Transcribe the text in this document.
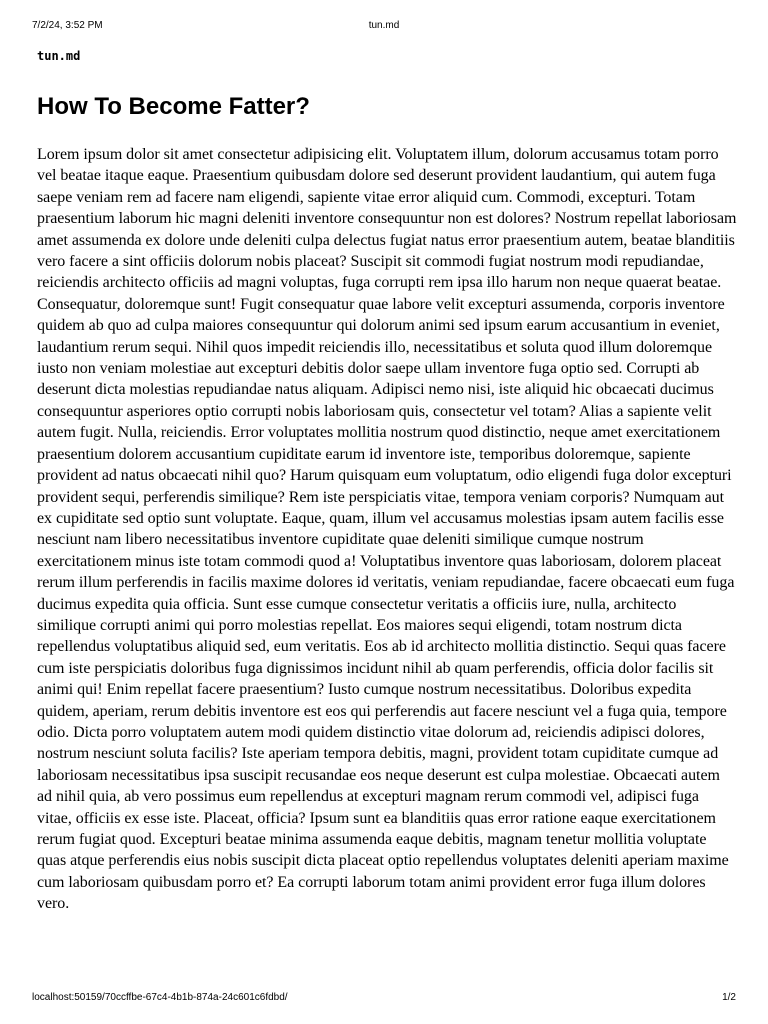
7/2/24, 3:52 PM	tun.md

tun.md

How To Become Fatter?

Lorem ipsum dolor sit amet consectetur adipisicing elit. Voluptatem illum, dolorum accusamus totam porro vel beatae itaque eaque. Praesentium quibusdam dolore sed deserunt provident laudantium, qui autem fuga saepe veniam rem ad facere nam eligendi, sapiente vitae error aliquid cum. Commodi, excepturi. Totam praesentium laborum hic magni deleniti inventore consequuntur non est dolores? Nostrum repellat laboriosam amet assumenda ex dolore unde deleniti culpa delectus fugiat natus error praesentium autem, beatae blanditiis vero facere a sint officiis dolorum nobis placeat? Suscipit sit commodi fugiat nostrum modi repudiandae, reiciendis architecto officiis ad magni voluptas, fuga corrupti rem ipsa illo harum non neque quaerat beatae. Consequatur, doloremque sunt! Fugit consequatur quae labore velit excepturi assumenda, corporis inventore quidem ab quo ad culpa maiores consequuntur qui dolorum animi sed ipsum earum accusantium in eveniet, laudantium rerum sequi. Nihil quos impedit reiciendis illo, necessitatibus et soluta quod illum doloremque iusto non veniam molestiae aut excepturi debitis dolor saepe ullam inventore fuga optio sed. Corrupti ab deserunt dicta molestias repudiandae natus aliquam. Adipisci nemo nisi, iste aliquid hic obcaecati ducimus consequuntur asperiores optio corrupti nobis laboriosam quis, consectetur vel totam? Alias a sapiente velit autem fugit. Nulla, reiciendis. Error voluptates mollitia nostrum quod distinctio, neque amet exercitationem praesentium dolorem accusantium cupiditate earum id inventore iste, temporibus doloremque, sapiente provident ad natus obcaecati nihil quo? Harum quisquam eum voluptatum, odio eligendi fuga dolor excepturi provident sequi, perferendis similique? Rem iste perspiciatis vitae, tempora veniam corporis? Numquam aut ex cupiditate sed optio sunt voluptate. Eaque, quam, illum vel accusamus molestias ipsam autem facilis esse nesciunt nam libero necessitatibus inventore cupiditate quae deleniti similique cumque nostrum exercitationem minus iste totam commodi quod a! Voluptatibus inventore quas laboriosam, dolorem placeat rerum illum perferendis in facilis maxime dolores id veritatis, veniam repudiandae, facere obcaecati eum fuga ducimus expedita quia officia. Sunt esse cumque consectetur veritatis a officiis iure, nulla, architecto similique corrupti animi qui porro molestias repellat. Eos maiores sequi eligendi, totam nostrum dicta repellendus voluptatibus aliquid sed, eum veritatis. Eos ab id architecto mollitia distinctio. Sequi quas facere cum iste perspiciatis doloribus fuga dignissimos incidunt nihil ab quam perferendis, officia dolor facilis sit animi qui! Enim repellat facere praesentium? Iusto cumque nostrum necessitatibus. Doloribus expedita quidem, aperiam, rerum debitis inventore est eos qui perferendis aut facere nesciunt vel a fuga quia, tempore odio. Dicta porro voluptatem autem modi quidem distinctio vitae dolorum ad, reiciendis adipisci dolores, nostrum nesciunt soluta facilis? Iste aperiam tempora debitis, magni, provident totam cupiditate cumque ad laboriosam necessitatibus ipsa suscipit recusandae eos neque deserunt est culpa molestiae. Obcaecati autem ad nihil quia, ab vero possimus eum repellendus at excepturi magnam rerum commodi vel, adipisci fuga vitae, officiis ex esse iste. Placeat, officia? Ipsum sunt ea blanditiis quas error ratione eaque exercitationem rerum fugiat quod. Excepturi beatae minima assumenda eaque debitis, magnam tenetur mollitia voluptate quas atque perferendis eius nobis suscipit dicta placeat optio repellendus voluptates deleniti aperiam maxime cum laboriosam quibusdam porro et? Ea corrupti laborum totam animi provident error fuga illum dolores vero.

localhost:50159/70ccffbe-67c4-4b1b-874a-24c601c6fdbd/	1/2
